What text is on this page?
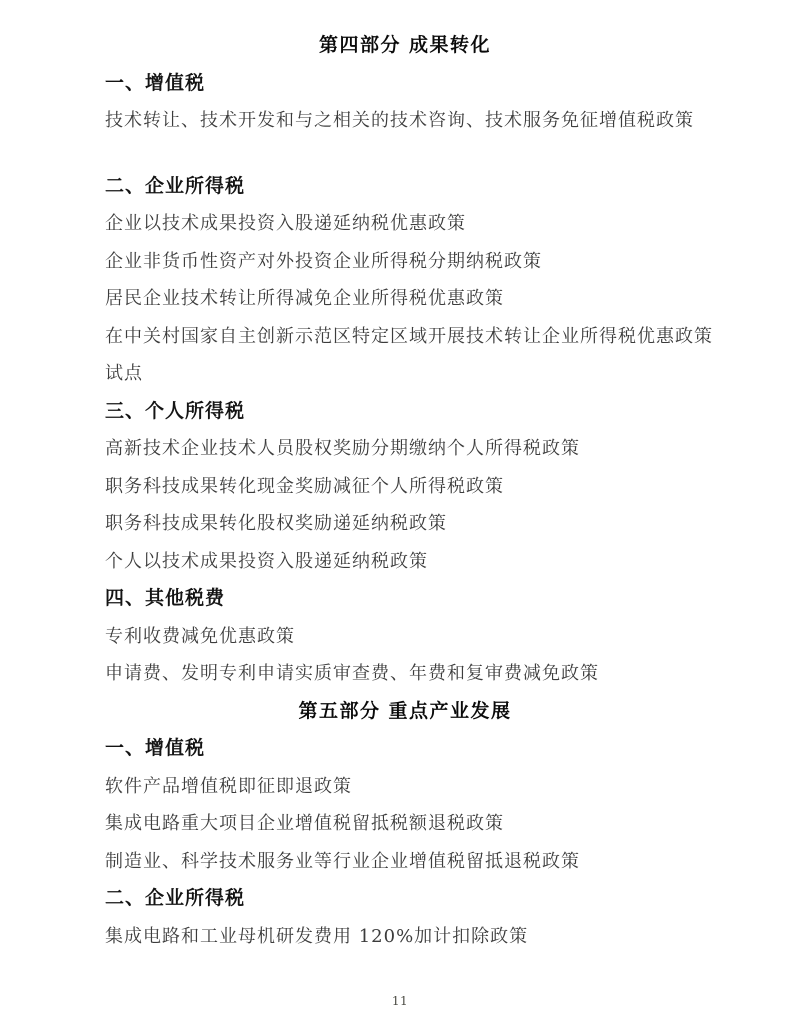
第四部分 成果转化
一、增值税
技术转让、技术开发和与之相关的技术咨询、技术服务免征增值税政策
二、企业所得税
企业以技术成果投资入股递延纳税优惠政策
企业非货币性资产对外投资企业所得税分期纳税政策
居民企业技术转让所得减免企业所得税优惠政策
在中关村国家自主创新示范区特定区域开展技术转让企业所得税优惠政策试点
三、个人所得税
高新技术企业技术人员股权奖励分期缴纳个人所得税政策
职务科技成果转化现金奖励减征个人所得税政策
职务科技成果转化股权奖励递延纳税政策
个人以技术成果投资入股递延纳税政策
四、其他税费
专利收费减免优惠政策
申请费、发明专利申请实质审查费、年费和复审费减免政策
第五部分 重点产业发展
一、增值税
软件产品增值税即征即退政策
集成电路重大项目企业增值税留抵税额退税政策
制造业、科学技术服务业等行业企业增值税留抵退税政策
二、企业所得税
集成电路和工业母机研发费用 120%加计扣除政策
11
